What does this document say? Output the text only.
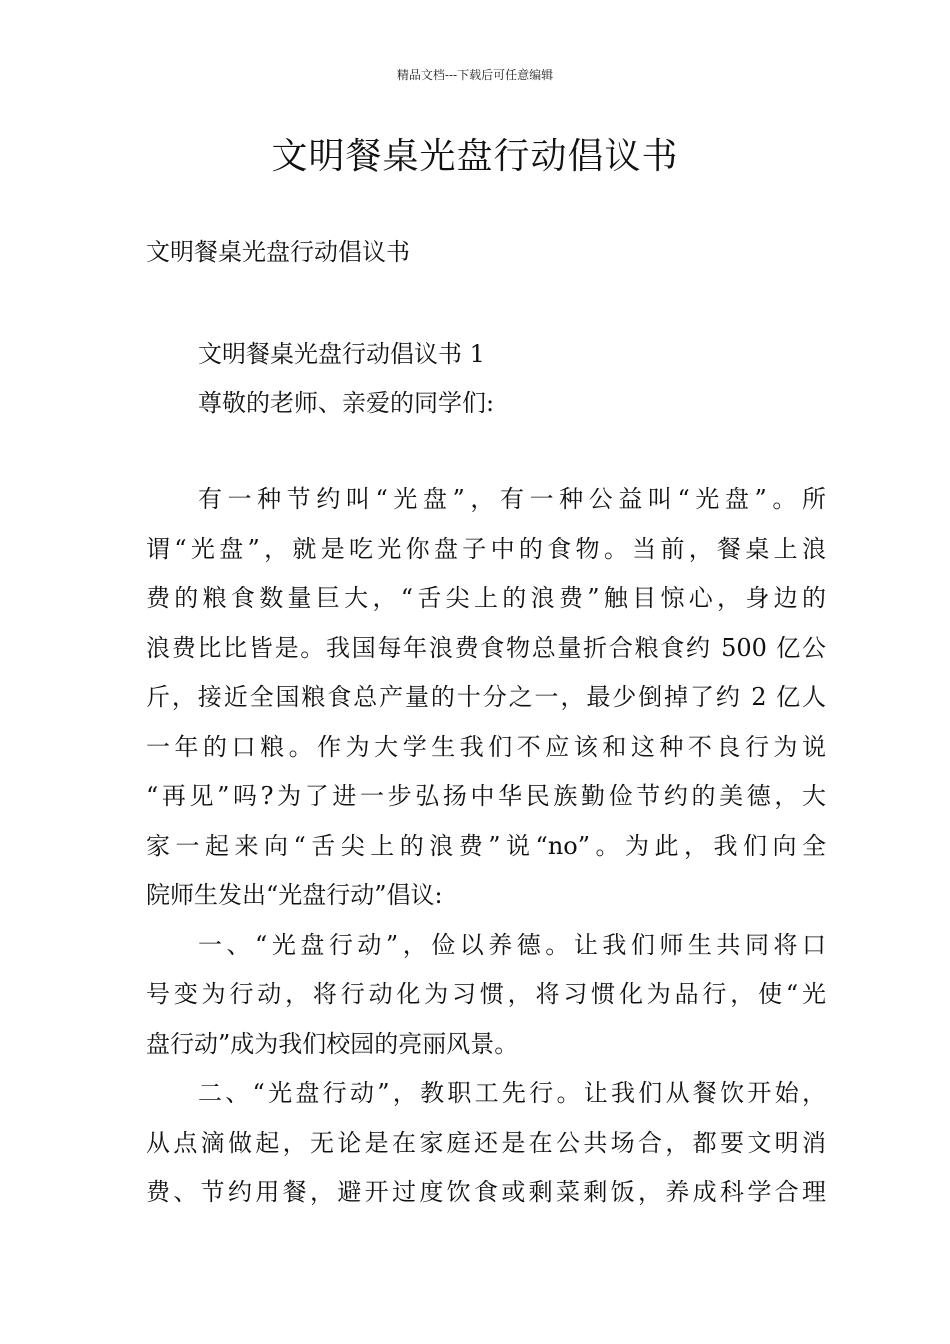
精品文档---下载后可任意编辑
文明餐桌光盘行动倡议书
文明餐桌光盘行动倡议书
文明餐桌光盘行动倡议书 1
尊敬的老师、亲爱的同学们:
有一种节约叫“光盘”，有一种公益叫“光盘”。所
谓“光盘”，就是吃光你盘子中的食物。当前，餐桌上浪
费的粮食数量巨大，“舌尖上的浪费”触目惊心，身边的
浪费比比皆是。我国每年浪费食物总量折合粮食约 500 亿公
斤，接近全国粮食总产量的十分之一，最少倒掉了约 2 亿人
一年的口粮。作为大学生我们不应该和这种不良行为说
“再见”吗?为了进一步弘扬中华民族勤俭节约的美德，大
家一起来向“舌尖上的浪费”说“no”。为此，我们向全
院师生发出“光盘行动”倡议:
一、“光盘行动”，俭以养德。让我们师生共同将口
号变为行动，将行动化为习惯，将习惯化为品行，使“光
盘行动”成为我们校园的亮丽风景。
二、“光盘行动”，教职工先行。让我们从餐饮开始，
从点滴做起，无论是在家庭还是在公共场合，都要文明消
费、节约用餐，避开过度饮食或剩菜剩饭，养成科学合理
